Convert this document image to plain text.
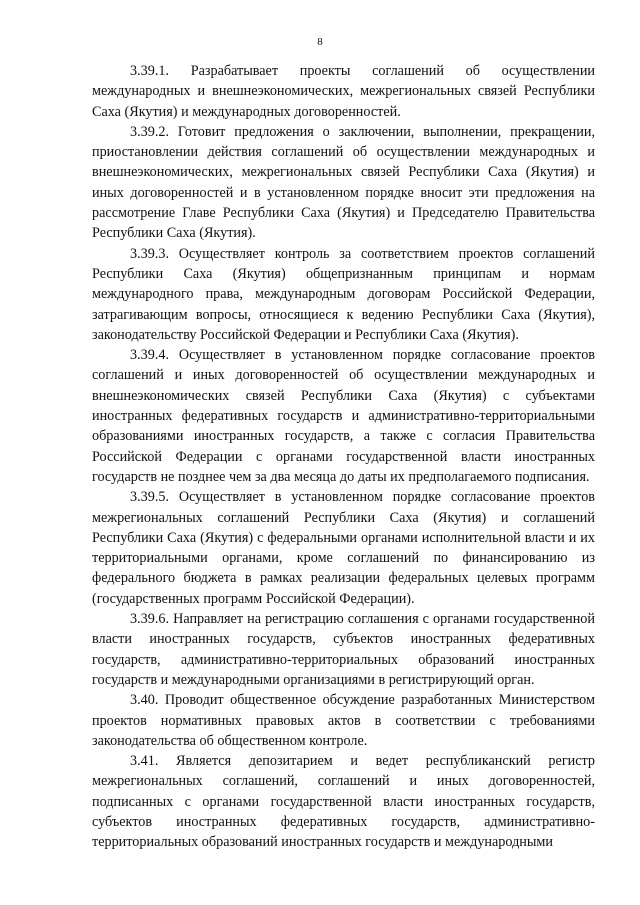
8

3.39.1. Разрабатывает проекты соглашений об осуществлении международных и внешнеэкономических, межрегиональных связей Республики Саха (Якутия) и международных договоренностей.

3.39.2. Готовит предложения о заключении, выполнении, прекращении, приостановлении действия соглашений об осуществлении международных и внешнеэкономических, межрегиональных связей Республики Саха (Якутия) и иных договоренностей и в установленном порядке вносит эти предложения на рассмотрение Главе Республики Саха (Якутия) и Председателю Правительства Республики Саха (Якутия).

3.39.3. Осуществляет контроль за соответствием проектов соглашений Республики Саха (Якутия) общепризнанным принципам и нормам международного права, международным договорам Российской Федерации, затрагивающим вопросы, относящиеся к ведению Республики Саха (Якутия), законодательству Российской Федерации и Республики Саха (Якутия).

3.39.4. Осуществляет в установленном порядке согласование проектов соглашений и иных договоренностей об осуществлении международных и внешнеэкономических связей Республики Саха (Якутия) с субъектами иностранных федеративных государств и административно-территориальными образованиями иностранных государств, а также с согласия Правительства Российской Федерации с органами государственной власти иностранных государств не позднее чем за два месяца до даты их предполагаемого подписания.

3.39.5. Осуществляет в установленном порядке согласование проектов межрегиональных соглашений Республики Саха (Якутия) и соглашений Республики Саха (Якутия) с федеральными органами исполнительной власти и их территориальными органами, кроме соглашений по финансированию из федерального бюджета в рамках реализации федеральных целевых программ (государственных программ Российской Федерации).

3.39.6. Направляет на регистрацию соглашения с органами государственной власти иностранных государств, субъектов иностранных федеративных государств, административно-территориальных образований иностранных государств и международными организациями в регистрирующий орган.

3.40. Проводит общественное обсуждение разработанных Министерством проектов нормативных правовых актов в соответствии с требованиями законодательства об общественном контроле.

3.41. Является депозитарием и ведет республиканский регистр межрегиональных соглашений, соглашений и иных договоренностей, подписанных с органами государственной власти иностранных государств, субъектов иностранных федеративных государств, административно-территориальных образований иностранных государств и международными
